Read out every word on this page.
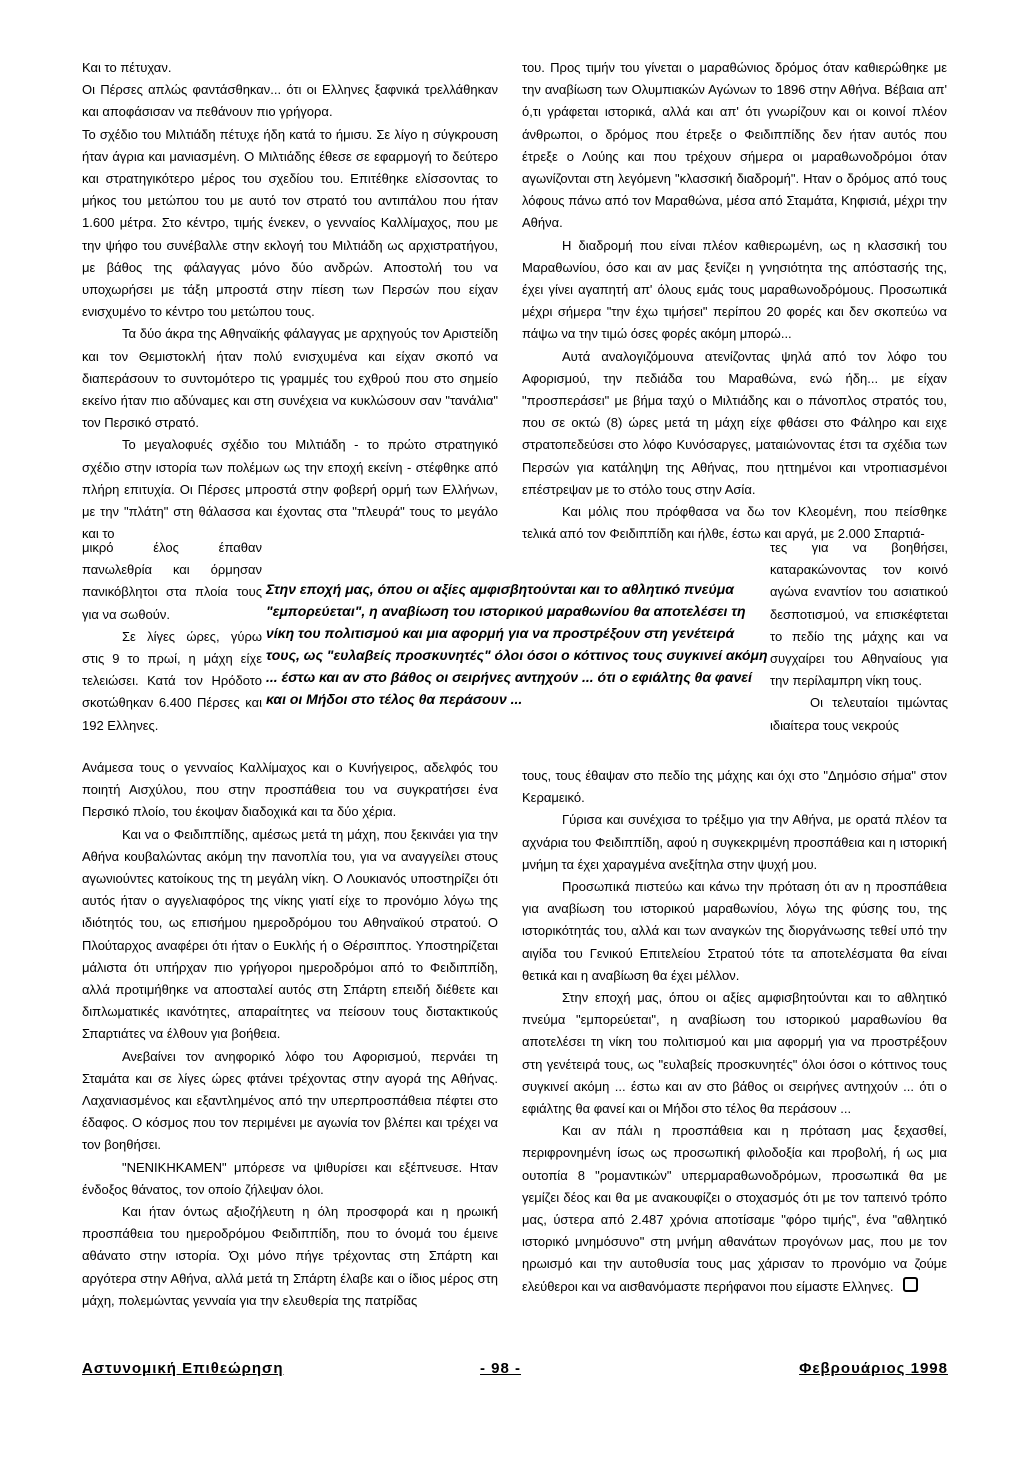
Και το πέτυχαν.

Οι Πέρσες απλώς φαντάσθηκαν... ότι οι Ελληνες ξαφνικά τρελλάθηκαν και αποφάσισαν να πεθάνουν πιο γρήγορα.

Το σχέδιο του Μιλτιάδη πέτυχε ήδη κατά το ήμισυ. Σε λίγο η σύγκρουση ήταν άγρια και μανιασμένη. Ο Μιλτιάδης έθεσε σε εφαρμογή το δεύτερο και στρατηγικότερο μέρος του σχεδίου του. Επιτέθηκε ελίσσοντας το μήκος του μετώπου του με αυτό τον στρατό του αντιπάλου που ήταν 1.600 μέτρα. Στο κέντρο, τιμής ένεκεν, ο γενναίος Καλλίμαχος, που με την ψήφο του συνέβαλλε στην εκλογή του Μιλτιάδη ως αρχιστρατήγου, με βάθος της φάλαγγας μόνο δύο ανδρών. Αποστολή του να υποχωρήσει με τάξη μπροστά στην πίεση των Περσών που είχαν ενισχυμένο το κέντρο του μετώπου τους.

Τα δύο άκρα της Αθηναϊκής φάλαγγας με αρχηγούς τον Αριστείδη και τον Θεμιστοκλή ήταν πολύ ενισχυμένα και είχαν σκοπό να διαπεράσουν το συντομότερο τις γραμμές του εχθρού που στο σημείο εκείνο ήταν πιο αδύναμες και στη συνέχεια να κυκλώσουν σαν "τανάλια" τον Περσικό στρατό.

Το μεγαλοφυές σχέδιο του Μιλτιάδη - το πρώτο στρατηγικό σχέδιο στην ιστορία των πολέμων ως την εποχή εκείνη - στέφθηκε από πλήρη επιτυχία. Οι Πέρσες μπροστά στην φοβερή ορμή των Ελλήνων, με την "πλάτη" στη θάλασσα και έχοντας στα "πλευρά" τους το μεγάλο και το

μικρό έλος έπαθαν πανωλεθρία και όρμησαν πανικόβλητοι στα πλοία τους για να σωθούν.

Σε λίγες ώρες, γύρω στις 9 το πρωί, η μάχη είχε τελειώσει. Κατά τον Ηρόδοτο σκοτώθηκαν 6.400 Πέρσες και 192 Ελληνες.

Στην εποχή μας, όπου οι αξίες αμφισβητούνται και το αθλητικό πνεύμα "εμπορεύεται", η αναβίωση του ιστορικού μαραθωνίου θα αποτελέσει τη νίκη του πολιτισμού και μια αφορμή για να προστρέξουν στη γενέτειρά τους, ως "ευλαβείς προσκυνητές" όλοι όσοι ο κόττινος τους συγκινεί ακόμη ... έστω και αν στο βάθος οι σειρήνες αντηχούν ... ότι ο εφιάλτης θα φανεί και οι Μήδοι στο τέλος θα περάσουν ...

Ανάμεσα τους ο γενναίος Καλλίμαχος και ο Κυνήγειρος, αδελφός του ποιητή Αισχύλου, που στην προσπάθεια του να συγκρατήσει ένα Περσικό πλοίο, του έκοψαν διαδοχικά και τα δύο χέρια.

Και να ο Φειδιππίδης, αμέσως μετά τη μάχη, που ξεκινάει για την Αθήνα κουβαλώντας ακόμη την πανοπλία του, για να αναγγείλει στους αγωνιούντες κατοίκους της τη μεγάλη νίκη. Ο Λουκιανός υποστηρίζει ότι αυτός ήταν ο αγγελιαφόρος της νίκης γιατί είχε το προνόμιο λόγω της ιδιότητός του, ως επισήμου ημεροδρόμου του Αθηναϊκού στρατού. Ο Πλούταρχος αναφέρει ότι ήταν ο Ευκλής ή ο Θέρσιππος. Υποστηρίζεται μάλιστα ότι υπήρχαν πιο γρήγοροι ημεροδρόμοι από το Φειδιππίδη, αλλά προτιμήθηκε να αποσταλεί αυτός στη Σπάρτη επειδή διέθετε και διπλωματικές ικανότητες, απαραίτητες να πείσουν τους διστακτικούς Σπαρτιάτες να έλθουν για βοήθεια.

Ανεβαίνει τον ανηφορικό λόφο του Αφορισμού, περνάει τη Σταμάτα και σε λίγες ώρες φτάνει τρέχοντας στην αγορά της Αθήνας. Λαχανιασμένος και εξαντλημένος από την υπερπροσπάθεια πέφτει στο έδαφος. Ο κόσμος που τον περιμένει με αγωνία τον βλέπει και τρέχει να τον βοηθήσει.

"ΝΕΝΙΚΗΚΑΜΕΝ" μπόρεσε να ψιθυρίσει και εξέπνευσε. Ηταν ένδοξος θάνατος, τον οποίο ζήλεψαν όλοι.

Και ήταν όντως αξιοζήλευτη η όλη προσφορά και η ηρωική προσπάθεια του ημεροδρόμου Φειδιππίδη, που το όνομά του έμεινε αθάνατο στην ιστορία. Όχι μόνο πήγε τρέχοντας στη Σπάρτη και αργότερα στην Αθήνα, αλλά μετά τη Σπάρτη έλαβε και ο ίδιος μέρος στη μάχη, πολεμώντας γενναία για την ελευθερία της πατρίδας

του. Προς τιμήν του γίνεται ο μαραθώνιος δρόμος όταν καθιερώθηκε με την αναβίωση των Ολυμπιακών Αγώνων το 1896 στην Αθήνα. Βέβαια απ' ό,τι γράφεται ιστορικά, αλλά και απ' ότι γνωρίζουν και οι κοινοί πλέον άνθρωποι, ο δρόμος που έτρεξε ο Φειδιππίδης δεν ήταν αυτός που έτρεξε ο Λούης και που τρέχουν σήμερα οι μαραθωνοδρόμοι όταν αγωνίζονται στη λεγόμενη "κλασσική διαδρομή". Ηταν ο δρόμος από τους λόφους πάνω από τον Μαραθώνα, μέσα από Σταμάτα, Κηφισιά, μέχρι την Αθήνα.

Η διαδρομή που είναι πλέον καθιερωμένη, ως η κλασσική του Μαραθωνίου, όσο και αν μας ξενίζει η γνησιότητα της απόστασής της, έχει γίνει αγαπητή απ' όλους εμάς τους μαραθωνοδρόμους. Προσωπικά μέχρι σήμερα "την έχω τιμήσει" περίπου 20 φορές και δεν σκοπεύω να πάψω να την τιμώ όσες φορές ακόμη μπορώ...

Αυτά αναλογιζόμουνα ατενίζοντας ψηλά από τον λόφο του Αφορισμού, την πεδιάδα του Μαραθώνα, ενώ ήδη... με είχαν "προσπεράσει" με βήμα ταχύ ο Μιλτιάδης και ο πάνοπλος στρατός του, που σε οκτώ (8) ώρες μετά τη μάχη είχε φθάσει στο Φάληρο και ειχε στρατοπεδεύσει στο λόφο Κυνόσαργες, ματαιώνοντας έτσι τα σχέδια των Περσών για κατάληψη της Αθήνας, που ηττημένοι και ντροπιασμένοι επέστρεψαν με το στόλο τους στην Ασία.

Και μόλις που πρόφθασα να δω τον Κλεομένη, που πείσθηκε τελικά από τον Φειδιππίδη και ήλθε, έστω και αργά, με 2.000 Σπαρτιά-

τες για να βοηθήσει, καταρακώνοντας τον κοινό αγώνα εναντίον του ασιατικού δεσποτισμού, να επισκέφτεται το πεδίο της μάχης και να συγχαίρει του Αθηναίους για την περίλαμπρη νίκη τους.

Οι τελευταίοι τιμώντας ιδιαίτερα τους νεκρούς

τους, τους έθαψαν στο πεδίο της μάχης και όχι στο "Δημόσιο σήμα" στον Κεραμεικό.

Γύρισα και συνέχισα το τρέξιμο για την Αθήνα, με ορατά πλέον τα αχνάρια του Φειδιππίδη, αφού η συγκεκριμένη προσπάθεια και η ιστορική μνήμη τα έχει χαραγμένα ανεξίτηλα στην ψυχή μου.

Προσωπικά πιστεύω και κάνω την πρόταση ότι αν η προσπάθεια για αναβίωση του ιστορικού μαραθωνίου, λόγω της φύσης του, της ιστορικότητάς του, αλλά και των αναγκών της διοργάνωσης τεθεί υπό την αιγίδα του Γενικού Επιτελείου Στρατού τότε τα αποτελέσματα θα είναι θετικά και η αναβίωση θα έχει μέλλον.

Στην εποχή μας, όπου οι αξίες αμφισβητούνται και το αθλητικό πνεύμα "εμπορεύεται", η αναβίωση του ιστορικού μαραθωνίου θα αποτελέσει τη νίκη του πολιτισμού και μια αφορμή για να προστρέξουν στη γενέτειρά τους, ως "ευλαβείς προσκυνητές" όλοι όσοι ο κόττινος τους συγκινεί ακόμη ... έστω και αν στο βάθος οι σειρήνες αντηχούν ... ότι ο εφιάλτης θα φανεί και οι Μήδοι στο τέλος θα περάσουν ...

Και αν πάλι η προσπάθεια και η πρόταση μας ξεχασθεί, περιφρονημένη ίσως ως προσωπική φιλοδοξία και προβολή, ή ως μια ουτοπία 8 "ρομαντικών" υπερμαραθωνοδρόμων, προσωπικά θα με γεμίζει δέος και θα με ανακουφίζει ο στοχασμός ότι με τον ταπεινό τρόπο μας, ύστερα από 2.487 χρόνια αποτίσαμε "φόρο τιμής", ένα "αθλητικό ιστορικό μνημόσυνο" στη μνήμη αθανάτων προγόνων μας, που με τον ηρωισμό και την αυτοθυσία τους μας χάρισαν το προνόμιο να ζούμε ελεύθεροι και να αισθανόμαστε περήφανοι που είμαστε Ελληνες.

Αστυνομική Επιθεώρηση	- 98 -	Φεβρουάριος 1998
